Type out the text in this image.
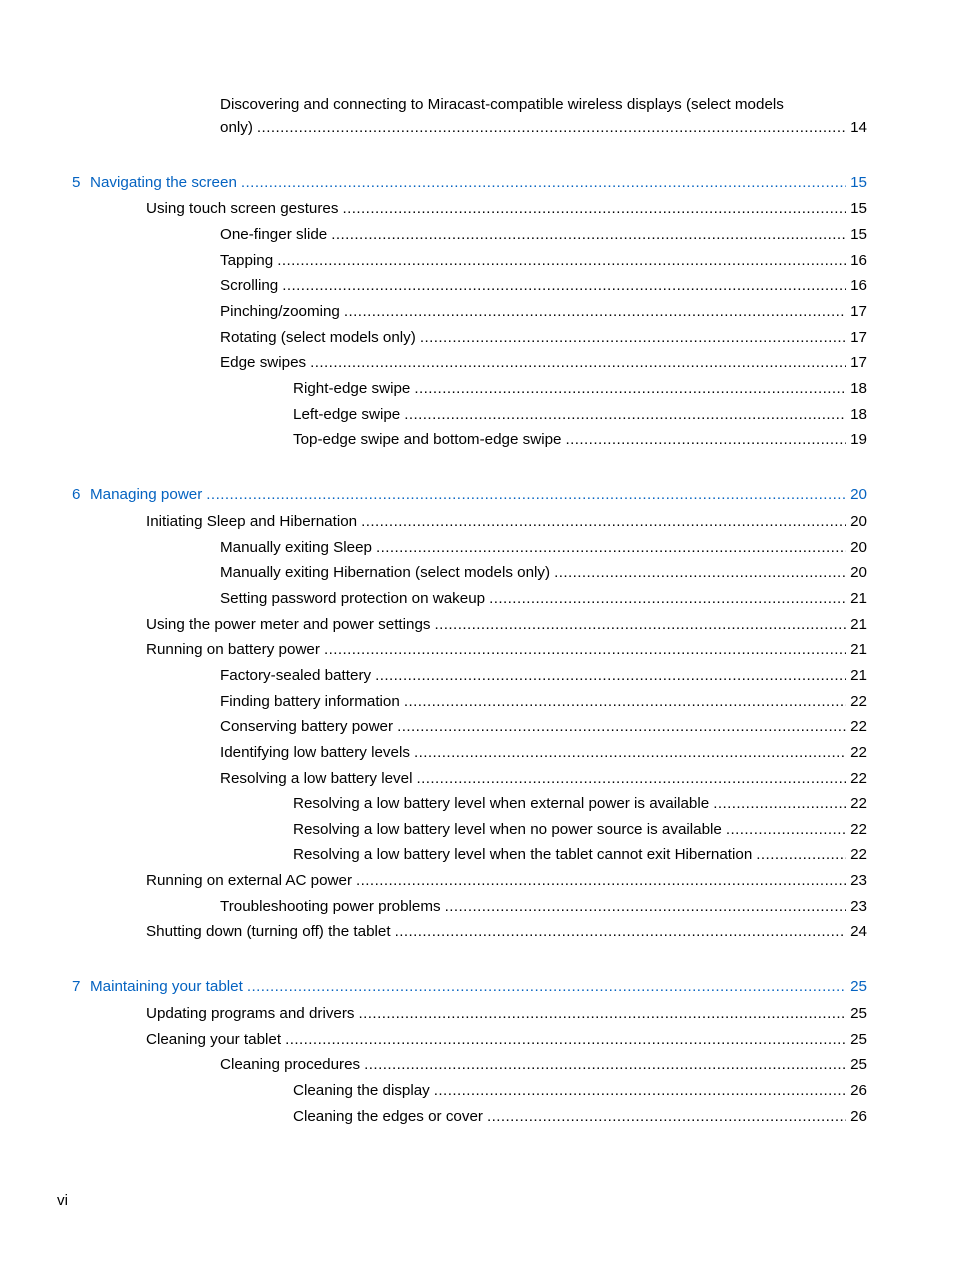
Discovering and connecting to Miracast-compatible wireless displays (select models
only) . . .	14
5 Navigating the screen . . .	15
Using touch screen gestures . . .	15
One-finger slide . . .	15
Tapping . . .	16
Scrolling . . .	16
Pinching/zooming . . .	17
Rotating (select models only) . . .	17
Edge swipes . . .	17
Right-edge swipe . . .	18
Left-edge swipe . . .	18
Top-edge swipe and bottom-edge swipe . . .	19
6 Managing power . . .	20
Initiating Sleep and Hibernation . . .	20
Manually exiting Sleep . . .	20
Manually exiting Hibernation (select models only) . . .	20
Setting password protection on wakeup . . .	21
Using the power meter and power settings . . .	21
Running on battery power . . .	21
Factory-sealed battery . . .	21
Finding battery information . . .	22
Conserving battery power . . .	22
Identifying low battery levels . . .	22
Resolving a low battery level . . .	22
Resolving a low battery level when external power is available . . .	22
Resolving a low battery level when no power source is available . . .	22
Resolving a low battery level when the tablet cannot exit Hibernation . . .	22
Running on external AC power . . .	23
Troubleshooting power problems . . .	23
Shutting down (turning off) the tablet . . .	24
7 Maintaining your tablet . . .	25
Updating programs and drivers . . .	25
Cleaning your tablet . . .	25
Cleaning procedures . . .	25
Cleaning the display . . .	26
Cleaning the edges or cover . . .	26
vi
